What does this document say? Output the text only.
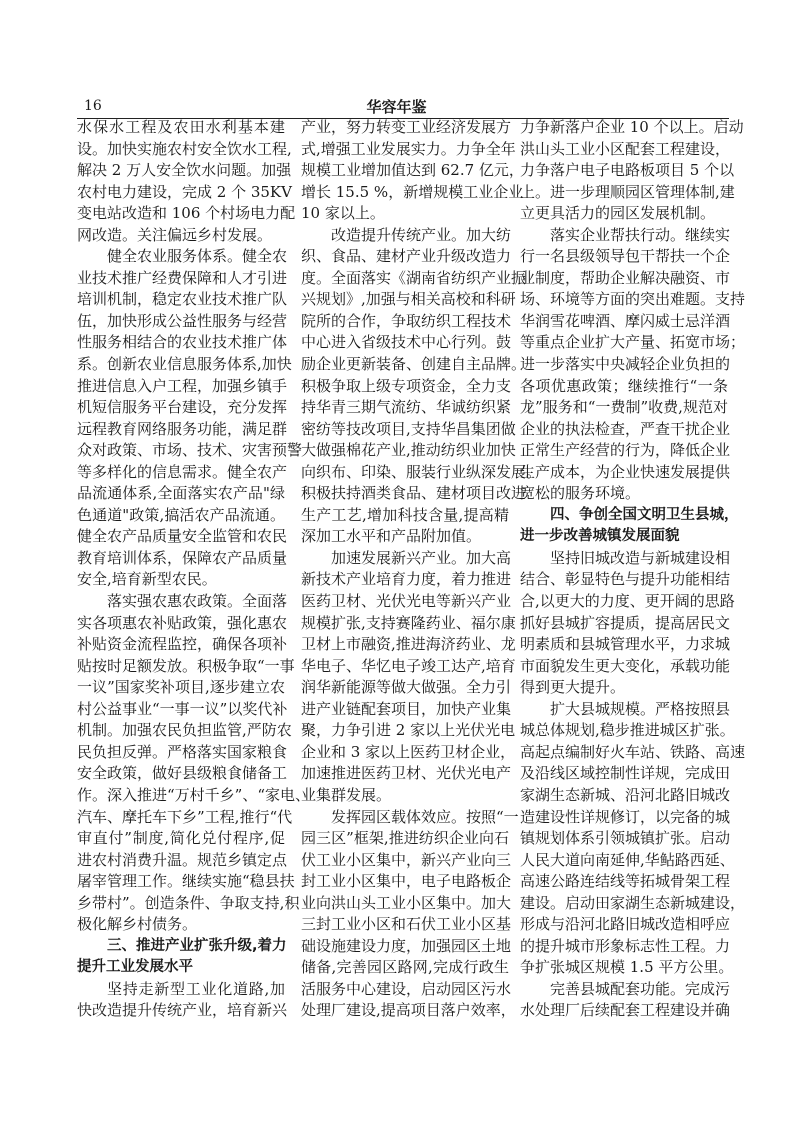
16	华容年鉴
水保水工程及农田水利基本建
设。加快实施农村安全饮水工程,
解决 2 万人安全饮水问题。加强
农村电力建设，完成 2 个 35KV
变电站改造和 106 个村场电力配
网改造。关注偏远乡村发展。
健全农业服务体系。健全农
业技术推广经费保障和人才引进
培训机制，稳定农业技术推广队
伍，加快形成公益性服务与经营
性服务相结合的农业技术推广体
系。创新农业信息服务体系,加快
推进信息入户工程，加强乡镇手
机短信服务平台建设，充分发挥
远程教育网络服务功能，满足群
众对政策、市场、技术、灾害预警
等多样化的信息需求。健全农产
品流通体系,全面落实农产品"绿
色通道"政策,搞活农产品流通。
健全农产品质量安全监管和农民
教育培训体系，保障农产品质量
安全,培育新型农民。
落实强农惠农政策。全面落
实各项惠农补贴政策，强化惠农
补贴资金流程监控，确保各项补
贴按时足额发放。积极争取“一事
一议”国家奖补项目,逐步建立农
村公益事业“一事一议”以奖代补
机制。加强农民负担监管,严防农
民负担反弹。严格落实国家粮食
安全政策，做好县级粮食储备工
作。深入推进“万村千乡”、“家电、
汽车、摩托车下乡”工程,推行“代
审直付”制度,简化兑付程序,促
进农村消费升温。规范乡镇定点
屠宰管理工作。继续实施“稳县扶
乡带村”。创造条件、争取支持,积
极化解乡村债务。
三、推进产业扩张升级,着力
提升工业发展水平
坚持走新型工业化道路,加
快改造提升传统产业，培育新兴
产业，努力转变工业经济发展方
式,增强工业发展实力。力争全年
规模工业增加值达到 62.7 亿元，
增长 15.5 %，新增规模工业企业
10 家以上。
改造提升传统产业。加大纺
织、食品、建材产业升级改造力
度。全面落实《湖南省纺织产业振
兴规划》,加强与相关高校和科研
院所的合作，争取纺织工程技术
中心进入省级技术中心行列。鼓
励企业更新装备、创建自主品牌。
积极争取上级专项资金，全力支
持华青三期气流纺、华诚纺织紧
密纺等技改项目,支持华昌集团做
大做强棉花产业,推动纺织业加快
向织布、印染、服装行业纵深发展。
积极扶持酒类食品、建材项目改进
生产工艺,增加科技含量,提高精
深加工水平和产品附加值。
加速发展新兴产业。加大高
新技术产业培育力度，着力推进
医药卫材、光伏光电等新兴产业
规模扩张,支持赛隆药业、福尔康
卫材上市融资,推进海济药业、龙
华电子、华忆电子竣工达产,培育
润华新能源等做大做强。全力引
进产业链配套项目，加快产业集
聚，力争引进 2 家以上光伏光电
企业和 3 家以上医药卫材企业，
加速推进医药卫材、光伏光电产
业集群发展。
发挥园区载体效应。按照“一
园三区”框架,推进纺织企业向石
伏工业小区集中，新兴产业向三
封工业小区集中，电子电路板企
业向洪山头工业小区集中。加大
三封工业小区和石伏工业小区基
础设施建设力度，加强园区土地
储备,完善园区路网,完成行政生
活服务中心建设，启动园区污水
处理厂建设,提高项目落户效率，
力争新落户企业 10 个以上。启动
洪山头工业小区配套工程建设，
力争落户电子电路板项目 5 个以
上。进一步理顺园区管理体制,建
立更具活力的园区发展机制。
落实企业帮扶行动。继续实
行一名县级领导包干帮扶一个企
业制度，帮助企业解决融资、市
场、环境等方面的突出难题。支持
华润雪花啤酒、摩闪威士忌洋酒
等重点企业扩大产量、拓宽市场；
进一步落实中央减轻企业负担的
各项优惠政策；继续推行“一条
龙”服务和“一费制”收费,规范对
企业的执法检查，严查干扰企业
正常生产经营的行为，降低企业
生产成本，为企业快速发展提供
宽松的服务环境。
四、争创全国文明卫生县城，
进一步改善城镇发展面貌
坚持旧城改造与新城建设相
结合、彰显特色与提升功能相结
合,以更大的力度、更开阔的思路
抓好县城扩容提质，提高居民文
明素质和县城管理水平，力求城
市面貌发生更大变化，承载功能
得到更大提升。
扩大县城规模。严格按照县
城总体规划,稳步推进城区扩张。
高起点编制好火车站、铁路、高速
及沿线区域控制性详规，完成田
家湖生态新城、沿河北路旧城改
造建设性详规修订，以完备的城
镇规划体系引领城镇扩张。启动
人民大道向南延伸,华鲇路西延、
高速公路连结线等拓城骨架工程
建设。启动田家湖生态新城建设，
形成与沿河北路旧城改造相呼应
的提升城市形象标志性工程。力
争扩张城区规模 1.5 平方公里。
完善县城配套功能。完成污
水处理厂后续配套工程建设并确
